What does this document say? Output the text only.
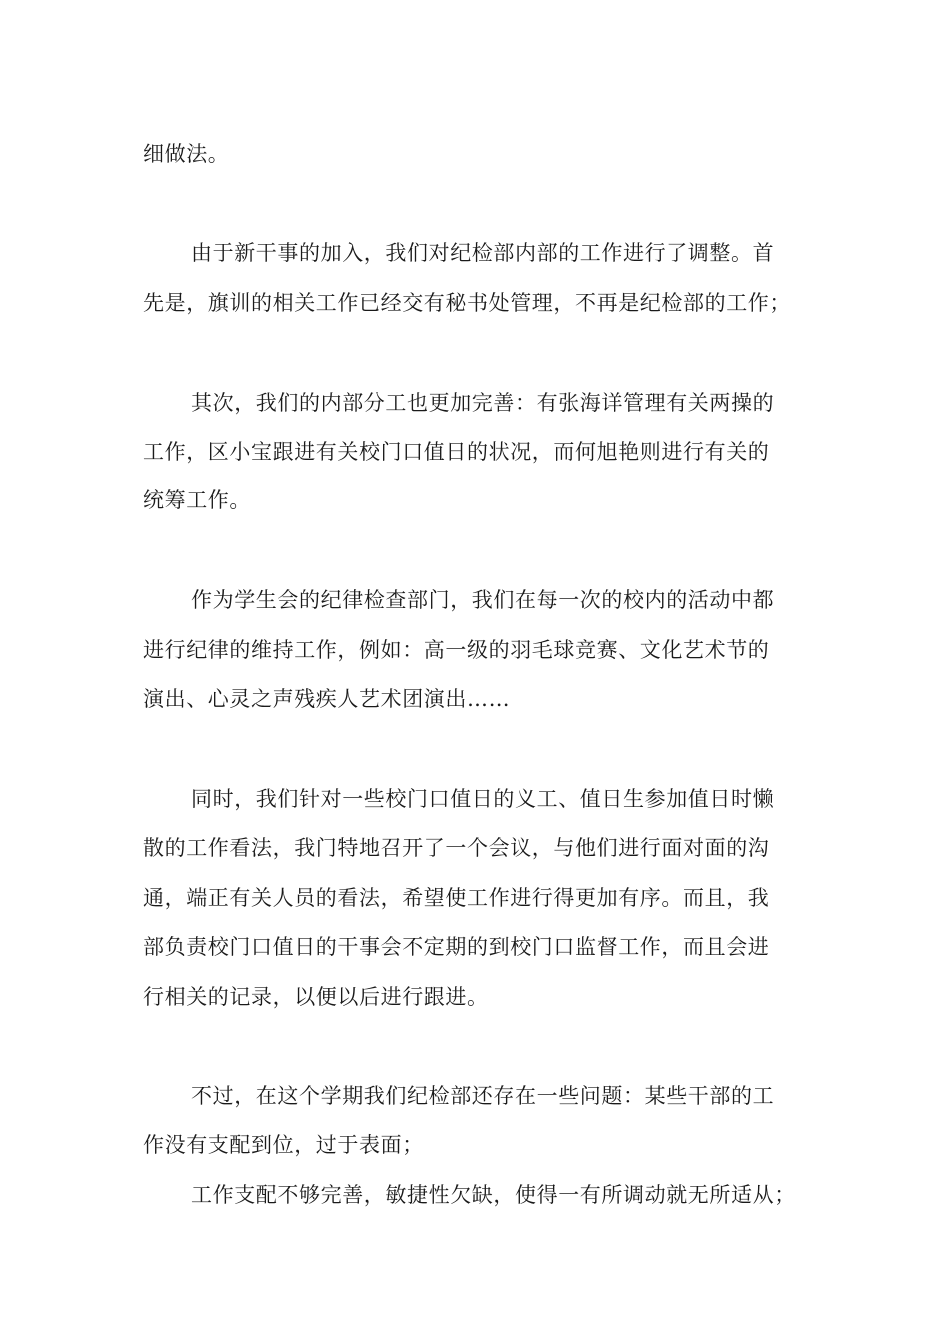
细做法。

由于新干事的加入，我们对纪检部内部的工作进行了调整。首

先是，旗训的相关工作已经交有秘书处管理，不再是纪检部的工作；

其次，我们的内部分工也更加完善：有张海详管理有关两操的

工作，区小宝跟进有关校门口值日的状况，而何旭艳则进行有关的

统筹工作。

作为学生会的纪律检查部门，我们在每一次的校内的活动中都

进行纪律的维持工作，例如：高一级的羽毛球竞赛、文化艺术节的

演出、心灵之声残疾人艺术团演出……

同时，我们针对一些校门口值日的义工、值日生参加值日时懒

散的工作看法，我门特地召开了一个会议，与他们进行面对面的沟

通，端正有关人员的看法，希望使工作进行得更加有序。而且，我

部负责校门口值日的干事会不定期的到校门口监督工作，而且会进

行相关的记录，以便以后进行跟进。

不过，在这个学期我们纪检部还存在一些问题：某些干部的工

作没有支配到位，过于表面；

工作支配不够完善，敏捷性欠缺，使得一有所调动就无所适从；
